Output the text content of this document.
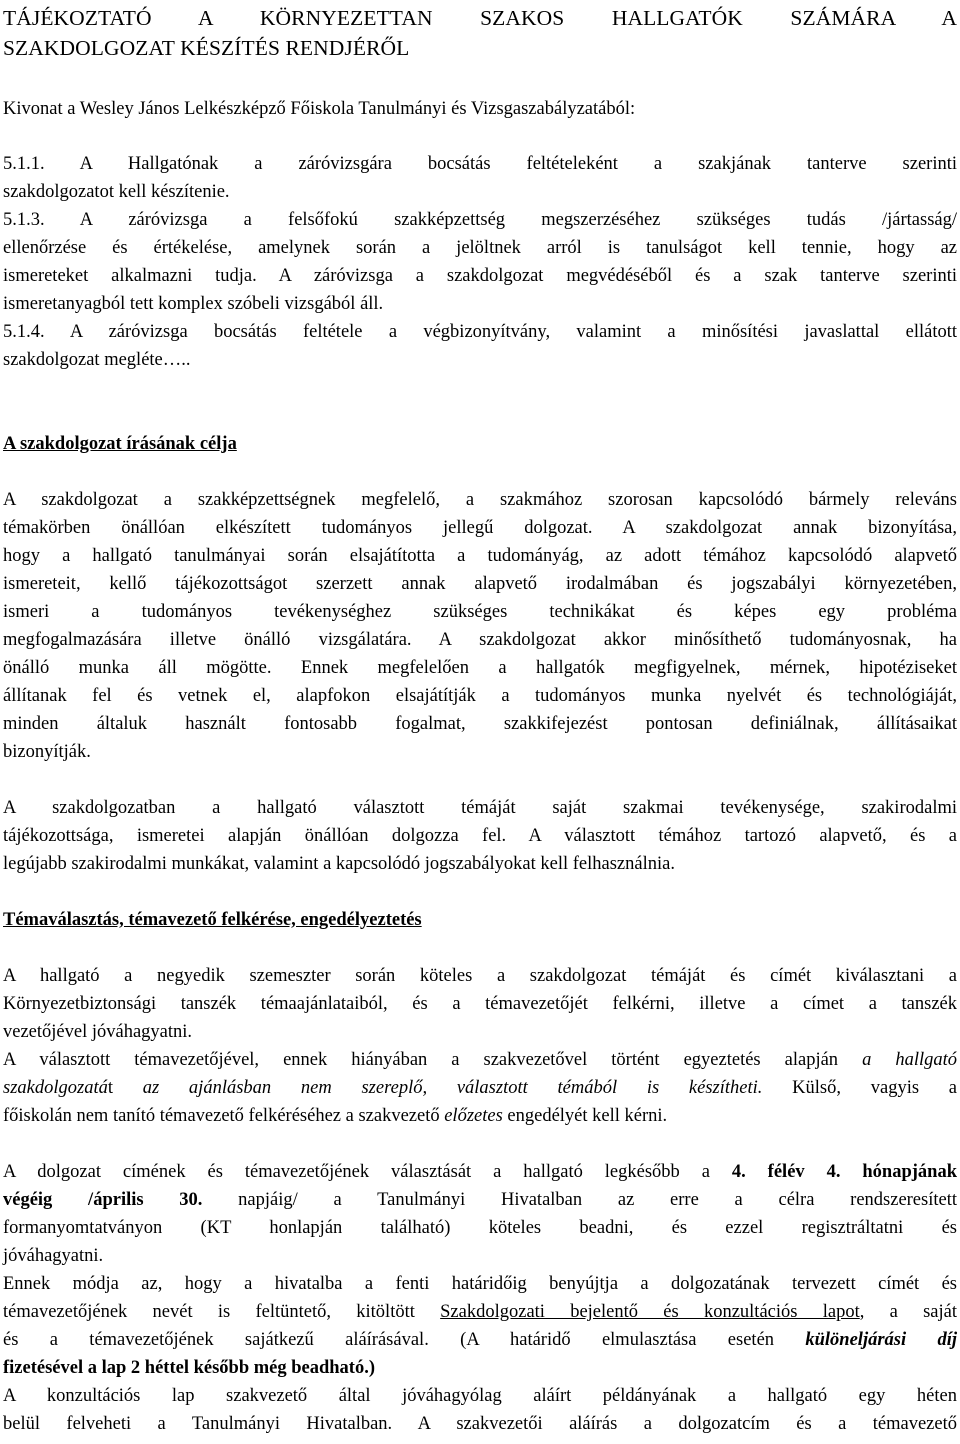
TÁJÉKOZTATÓ A KÖRNYEZETTAN SZAKOS HALLGATÓK SZÁMÁRA A
SZAKDOLGOZAT KÉSZÍTÉS RENDJÉRŐL
Kivonat a Wesley János Lelkészképző Főiskola Tanulmányi és Vizsgaszabályzatából:
5.1.1. A Hallgatónak a záróvizsgára bocsátás feltételeként a szakjának tanterve szerinti
szakdolgozatot kell készítenie.
5.1.3. A záróvizsga a felsőfokú szakképzettség megszerzéséhez szükséges tudás /jártasság/
ellenőrzése és értékelése, amelynek során a jelöltnek arról is tanulságot kell tennie, hogy az
ismereteket alkalmazni tudja. A záróvizsga a szakdolgozat megvédéséből és a szak tanterve szerinti
ismeretanyagból tett komplex szóbeli vizsgából áll.
5.1.4. A záróvizsga bocsátás feltétele a végbizonyítvány, valamint a minősítési javaslattal ellátott
szakdolgozat megléte…..
A szakdolgozat írásának célja
A szakdolgozat a szakképzettségnek megfelelő, a szakmához szorosan kapcsolódó bármely releváns
témakörben önállóan elkészített tudományos jellegű dolgozat. A szakdolgozat annak bizonyítása,
hogy a hallgató tanulmányai során elsajátította a tudományág, az adott témához kapcsolódó alapvető
ismereteit, kellő tájékozottságot szerzett annak alapvető irodalmában és jogszabályi környezetében,
ismeri a tudományos tevékenységhez szükséges technikákat és képes egy probléma
megfogalmazására illetve önálló vizsgálatára. A szakdolgozat akkor minősíthető tudományosnak, ha
önálló munka áll mögötte. Ennek megfelelően a hallgatók megfigyelnek, mérnek, hipotéziseket
állítanak fel és vetnek el, alapfokon elsajátítják a tudományos munka nyelvét és technológiáját,
minden általuk használt fontosabb fogalmat, szakkifejezést pontosan definiálnak, állításaikat
bizonyítják.
A szakdolgozatban a hallgató választott témáját saját szakmai tevékenysége, szakirodalmi
tájékozottsága, ismeretei alapján önállóan dolgozza fel. A választott témához tartozó alapvető, és a
legújabb szakirodalmi munkákat, valamint a kapcsolódó jogszabályokat kell felhasználnia.
Témaválasztás, témavezető felkérése, engedélyeztetés
A hallgató a negyedik szemeszter során köteles a szakdolgozat témáját és címét kiválasztani a
Környezetbiztonsági tanszék témaajánlataiból, és a témavezetőjét felkérni, illetve a címet a tanszék
vezetőjével jóváhagyatni.
A választott témavezetőjével, ennek hiányában a szakvezetővel történt egyeztetés alapján a hallgató
szakdolgozatát az ajánlásban nem szereplő, választott témából is készítheti. Külső, vagyis a
főiskolán nem tanító témavezető felkéréséhez a szakvezető előzetes engedélyét kell kérni.
A dolgozat címének és témavezetőjének választását a hallgató legkésőbb a 4. félév 4. hónapjának
végéig /április 30. napjáig/ a Tanulmányi Hivatalban az erre a célra rendszeresített
formanyomtatványon (KT honlapján található) köteles beadni, és ezzel regisztráltatni és
jóváhagyatni.
Ennek módja az, hogy a hivatalba a fenti határidőig benyújtja a dolgozatának tervezett címét és
témavezetőjének nevét is feltüntető, kitöltött Szakdolgozati bejelentő és konzultációs lapot, a saját
és a témavezetőjének sajátkezű aláírásával. (A határidő elmulasztása esetén különeljárási díj
fizetésével a lap 2 héttel később még beadható.)
A konzultációs lap szakvezető által jóváhagyólag aláírt példányának a hallgató egy héten
belül felveheti a Tanulmányi Hivatalban. A szakvezetői aláírás a dolgozatcím és a témavezető
